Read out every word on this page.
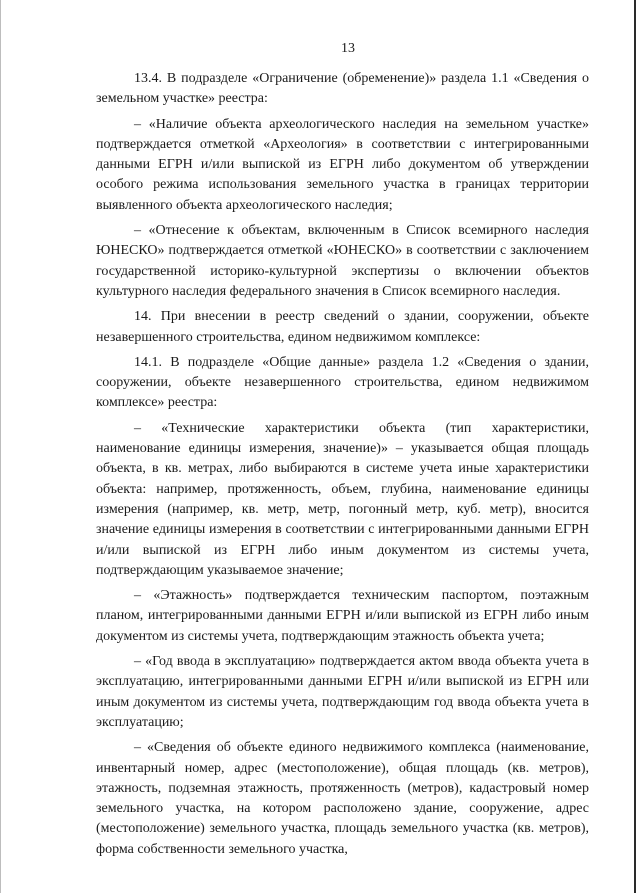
13

13.4. В подразделе «Ограничение (обременение)» раздела 1.1 «Сведения о земельном участке» реестра:

– «Наличие объекта археологического наследия на земельном участке» подтверждается отметкой «Археология» в соответствии с интегрированными данными ЕГРН и/или выпиской из ЕГРН либо документом об утверждении особого режима использования земельного участка в границах территории выявленного объекта археологического наследия;

– «Отнесение к объектам, включенным в Список всемирного наследия ЮНЕСКО» подтверждается отметкой «ЮНЕСКО» в соответствии с заключением государственной историко-культурной экспертизы о включении объектов культурного наследия федерального значения в Список всемирного наследия.

14. При внесении в реестр сведений о здании, сооружении, объекте незавершенного строительства, едином недвижимом комплексе:

14.1. В подразделе «Общие данные» раздела 1.2 «Сведения о здании, сооружении, объекте незавершенного строительства, едином недвижимом комплексе» реестра:

– «Технические характеристики объекта (тип характеристики, наименование единицы измерения, значение)» – указывается общая площадь объекта, в кв. метрах, либо выбираются в системе учета иные характеристики объекта: например, протяженность, объем, глубина, наименование единицы измерения (например, кв. метр, метр, погонный метр, куб. метр), вносится значение единицы измерения в соответствии с интегрированными данными ЕГРН и/или выпиской из ЕГРН либо иным документом из системы учета, подтверждающим указываемое значение;

– «Этажность» подтверждается техническим паспортом, поэтажным планом, интегрированными данными ЕГРН и/или выпиской из ЕГРН либо иным документом из системы учета, подтверждающим этажность объекта учета;

– «Год ввода в эксплуатацию» подтверждается актом ввода объекта учета в эксплуатацию, интегрированными данными ЕГРН и/или выпиской из ЕГРН или иным документом из системы учета, подтверждающим год ввода объекта учета в эксплуатацию;

– «Сведения об объекте единого недвижимого комплекса (наименование, инвентарный номер, адрес (местоположение), общая площадь (кв. метров), этажность, подземная этажность, протяженность (метров), кадастровый номер земельного участка, на котором расположено здание, сооружение, адрес (местоположение) земельного участка, площадь земельного участка (кв. метров), форма собственности земельного участка,
